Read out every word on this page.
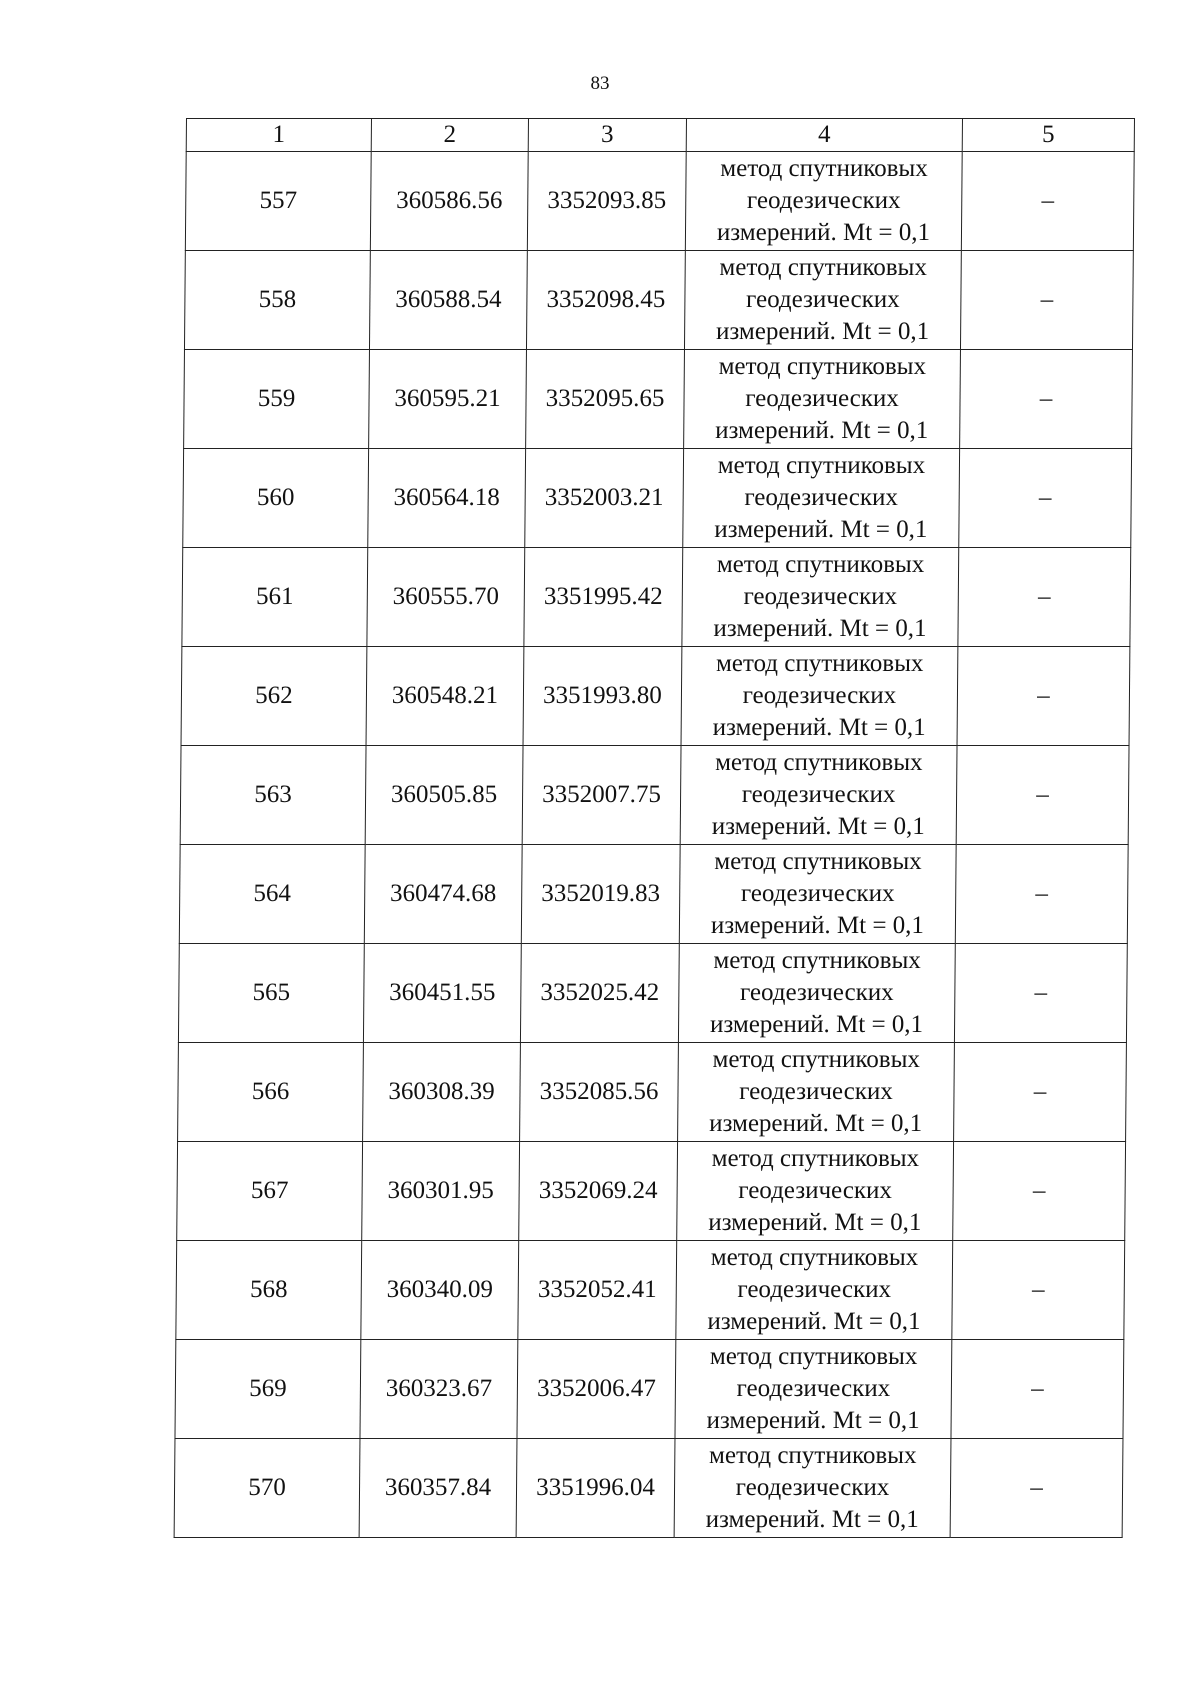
83
1	2	3	4	5
557	360586.56	3352093.85	метод спутниковых
геодезических
измерений. Mt = 0,1	–
558	360588.54	3352098.45	метод спутниковых
геодезических
измерений. Mt = 0,1	–
559	360595.21	3352095.65	метод спутниковых
геодезических
измерений. Mt = 0,1	–
560	360564.18	3352003.21	метод спутниковых
геодезических
измерений. Mt = 0,1	–
561	360555.70	3351995.42	метод спутниковых
геодезических
измерений. Mt = 0,1	–
562	360548.21	3351993.80	метод спутниковых
геодезических
измерений. Mt = 0,1	–
563	360505.85	3352007.75	метод спутниковых
геодезических
измерений. Mt = 0,1	–
564	360474.68	3352019.83	метод спутниковых
геодезических
измерений. Mt = 0,1	–
565	360451.55	3352025.42	метод спутниковых
геодезических
измерений. Mt = 0,1	–
566	360308.39	3352085.56	метод спутниковых
геодезических
измерений. Mt = 0,1	–
567	360301.95	3352069.24	метод спутниковых
геодезических
измерений. Mt = 0,1	–
568	360340.09	3352052.41	метод спутниковых
геодезических
измерений. Mt = 0,1	–
569	360323.67	3352006.47	метод спутниковых
геодезических
измерений. Mt = 0,1	–
570	360357.84	3351996.04	метод спутниковых
геодезических
измерений. Mt = 0,1	–
